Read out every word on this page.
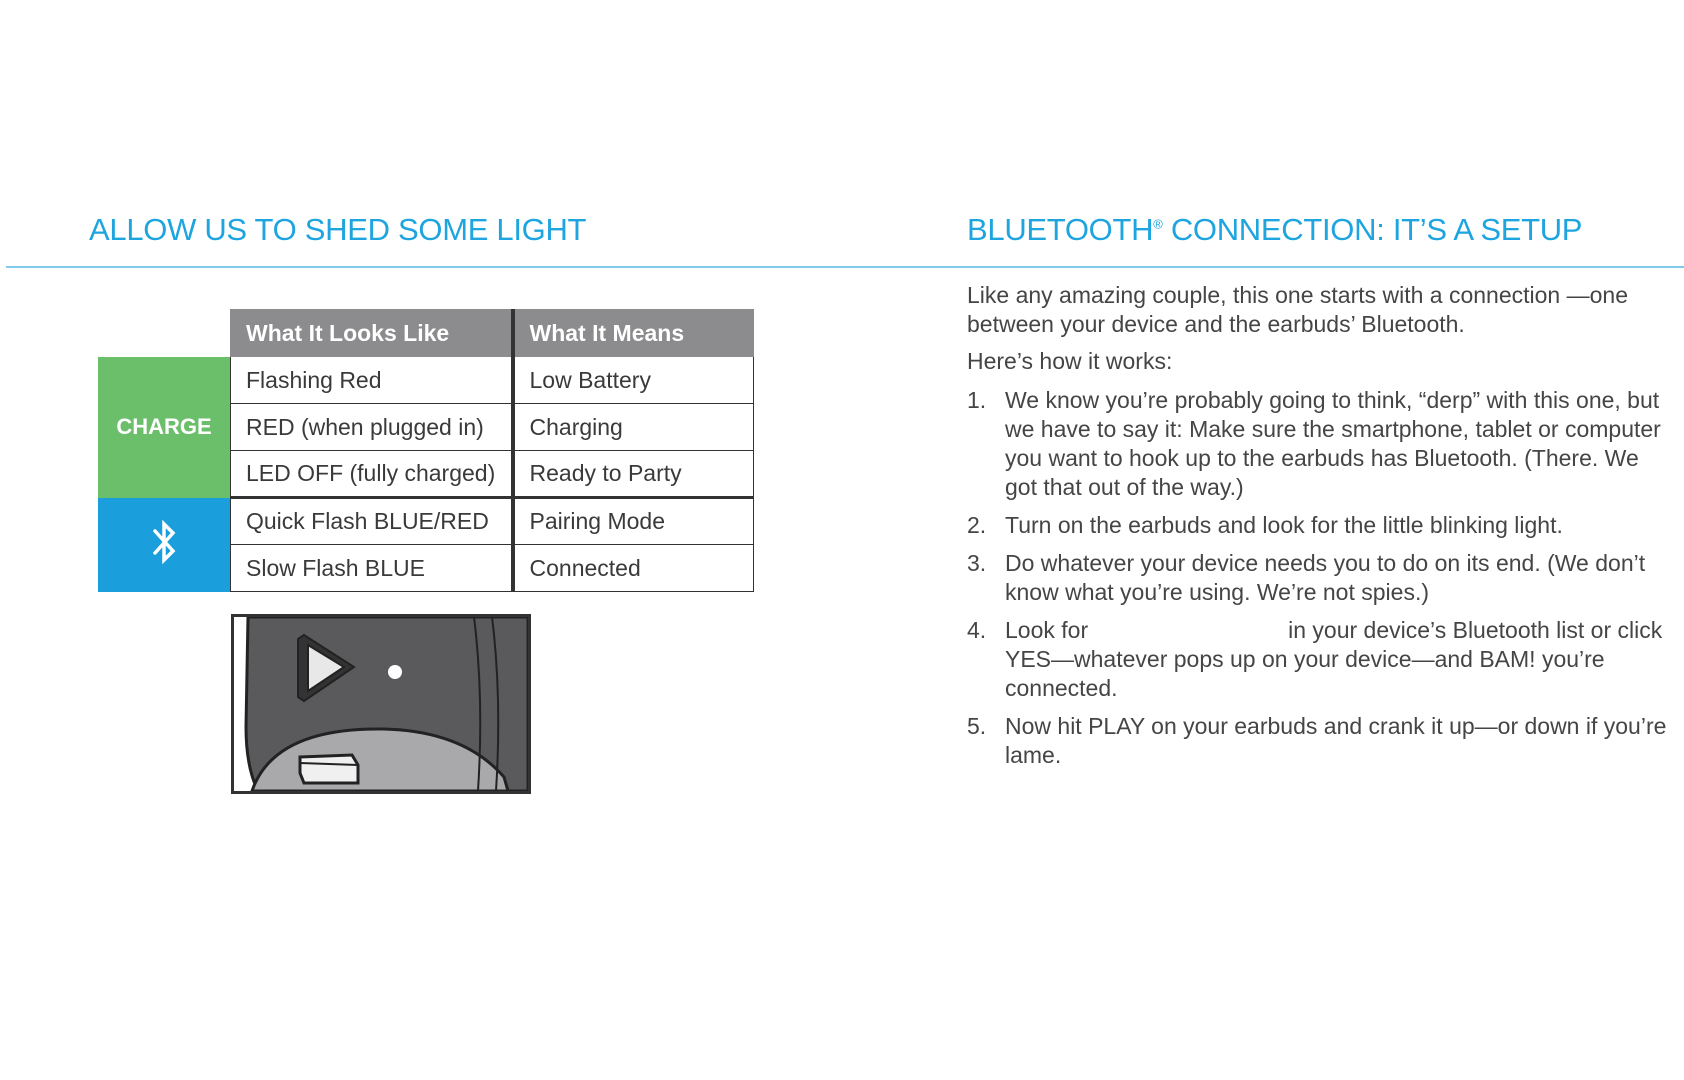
ALLOW US TO SHED SOME LIGHT	BLUETOOTH® CONNECTION: IT’S A SETUP
	What It Looks Like	What It Means
CHARGE	Flashing Red	Low Battery
	RED (when plugged in)	Charging
	LED OFF (fully charged)	Ready to Party
	Quick Flash BLUE/RED	Pairing Mode
	Slow Flash BLUE	Connected

Like any amazing couple, this one starts with a connection —one between your device and the earbuds’ Bluetooth.

Here’s how it works:

1. We know you’re probably going to think, “derp” with this one, but we have to say it: Make sure the smartphone, tablet or computer you want to hook up to the earbuds has Bluetooth. (There. We got that out of the way.)
2. Turn on the earbuds and look for the little blinking light.
3. Do whatever your device needs you to do on its end. (We don’t know what you’re using. We’re not spies.)
4. Look for	in your device’s Bluetooth list or click YES—whatever pops up on your device—and BAM! you’re connected.
5. Now hit PLAY on your earbuds and crank it up—or down if you’re lame.
